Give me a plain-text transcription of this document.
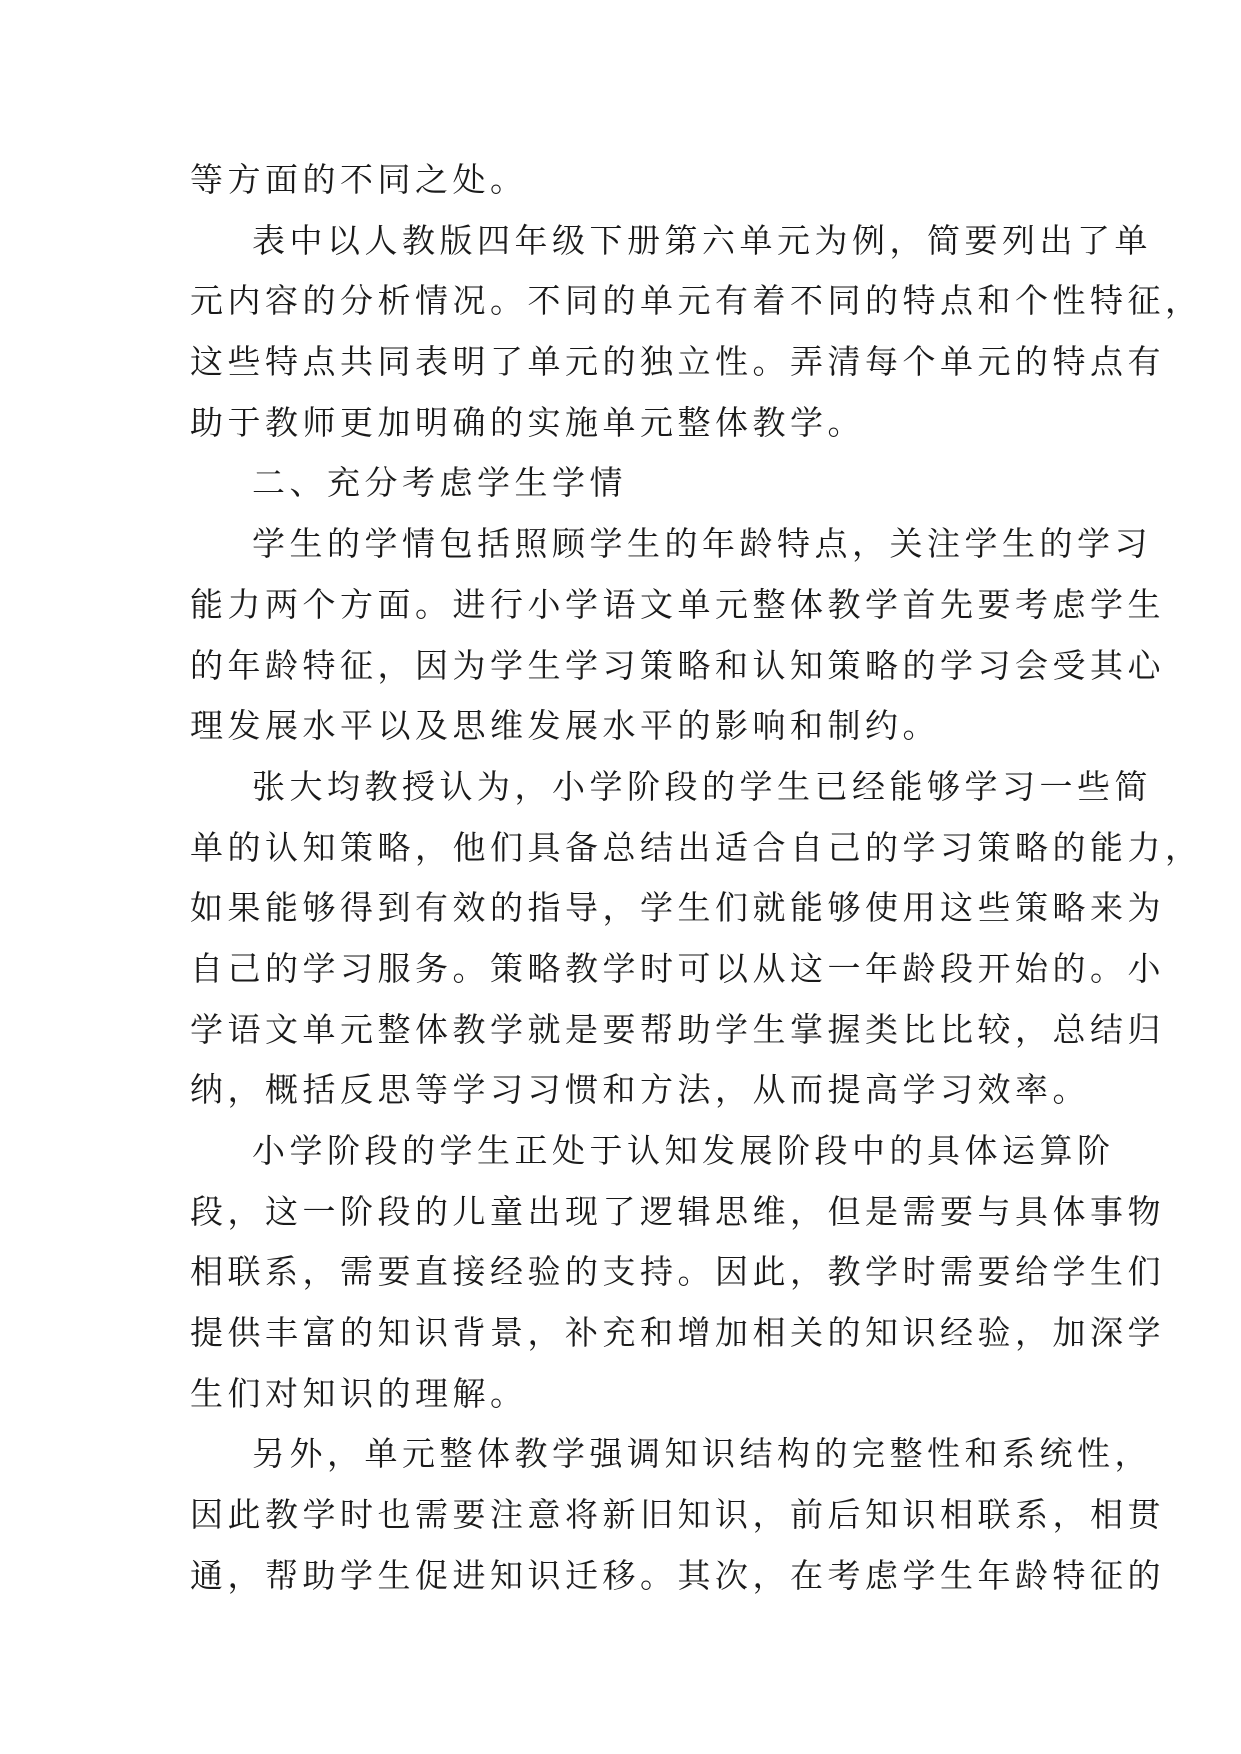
等方面的不同之处。
表中以人教版四年级下册第六单元为例，简要列出了单
元内容的分析情况。不同的单元有着不同的特点和个性特征，
这些特点共同表明了单元的独立性。弄清每个单元的特点有
助于教师更加明确的实施单元整体教学。
二、充分考虑学生学情
学生的学情包括照顾学生的年龄特点，关注学生的学习
能力两个方面。进行小学语文单元整体教学首先要考虑学生
的年龄特征，因为学生学习策略和认知策略的学习会受其心
理发展水平以及思维发展水平的影响和制约。
张大均教授认为，小学阶段的学生已经能够学习一些简
单的认知策略，他们具备总结出适合自己的学习策略的能力，
如果能够得到有效的指导，学生们就能够使用这些策略来为
自己的学习服务。策略教学时可以从这一年龄段开始的。小
学语文单元整体教学就是要帮助学生掌握类比比较，总结归
纳，概括反思等学习习惯和方法，从而提高学习效率。
小学阶段的学生正处于认知发展阶段中的具体运算阶
段，这一阶段的儿童出现了逻辑思维，但是需要与具体事物
相联系，需要直接经验的支持。因此，教学时需要给学生们
提供丰富的知识背景，补充和增加相关的知识经验，加深学
生们对知识的理解。
另外，单元整体教学强调知识结构的完整性和系统性，
因此教学时也需要注意将新旧知识，前后知识相联系，相贯
通，帮助学生促进知识迁移。其次，在考虑学生年龄特征的
